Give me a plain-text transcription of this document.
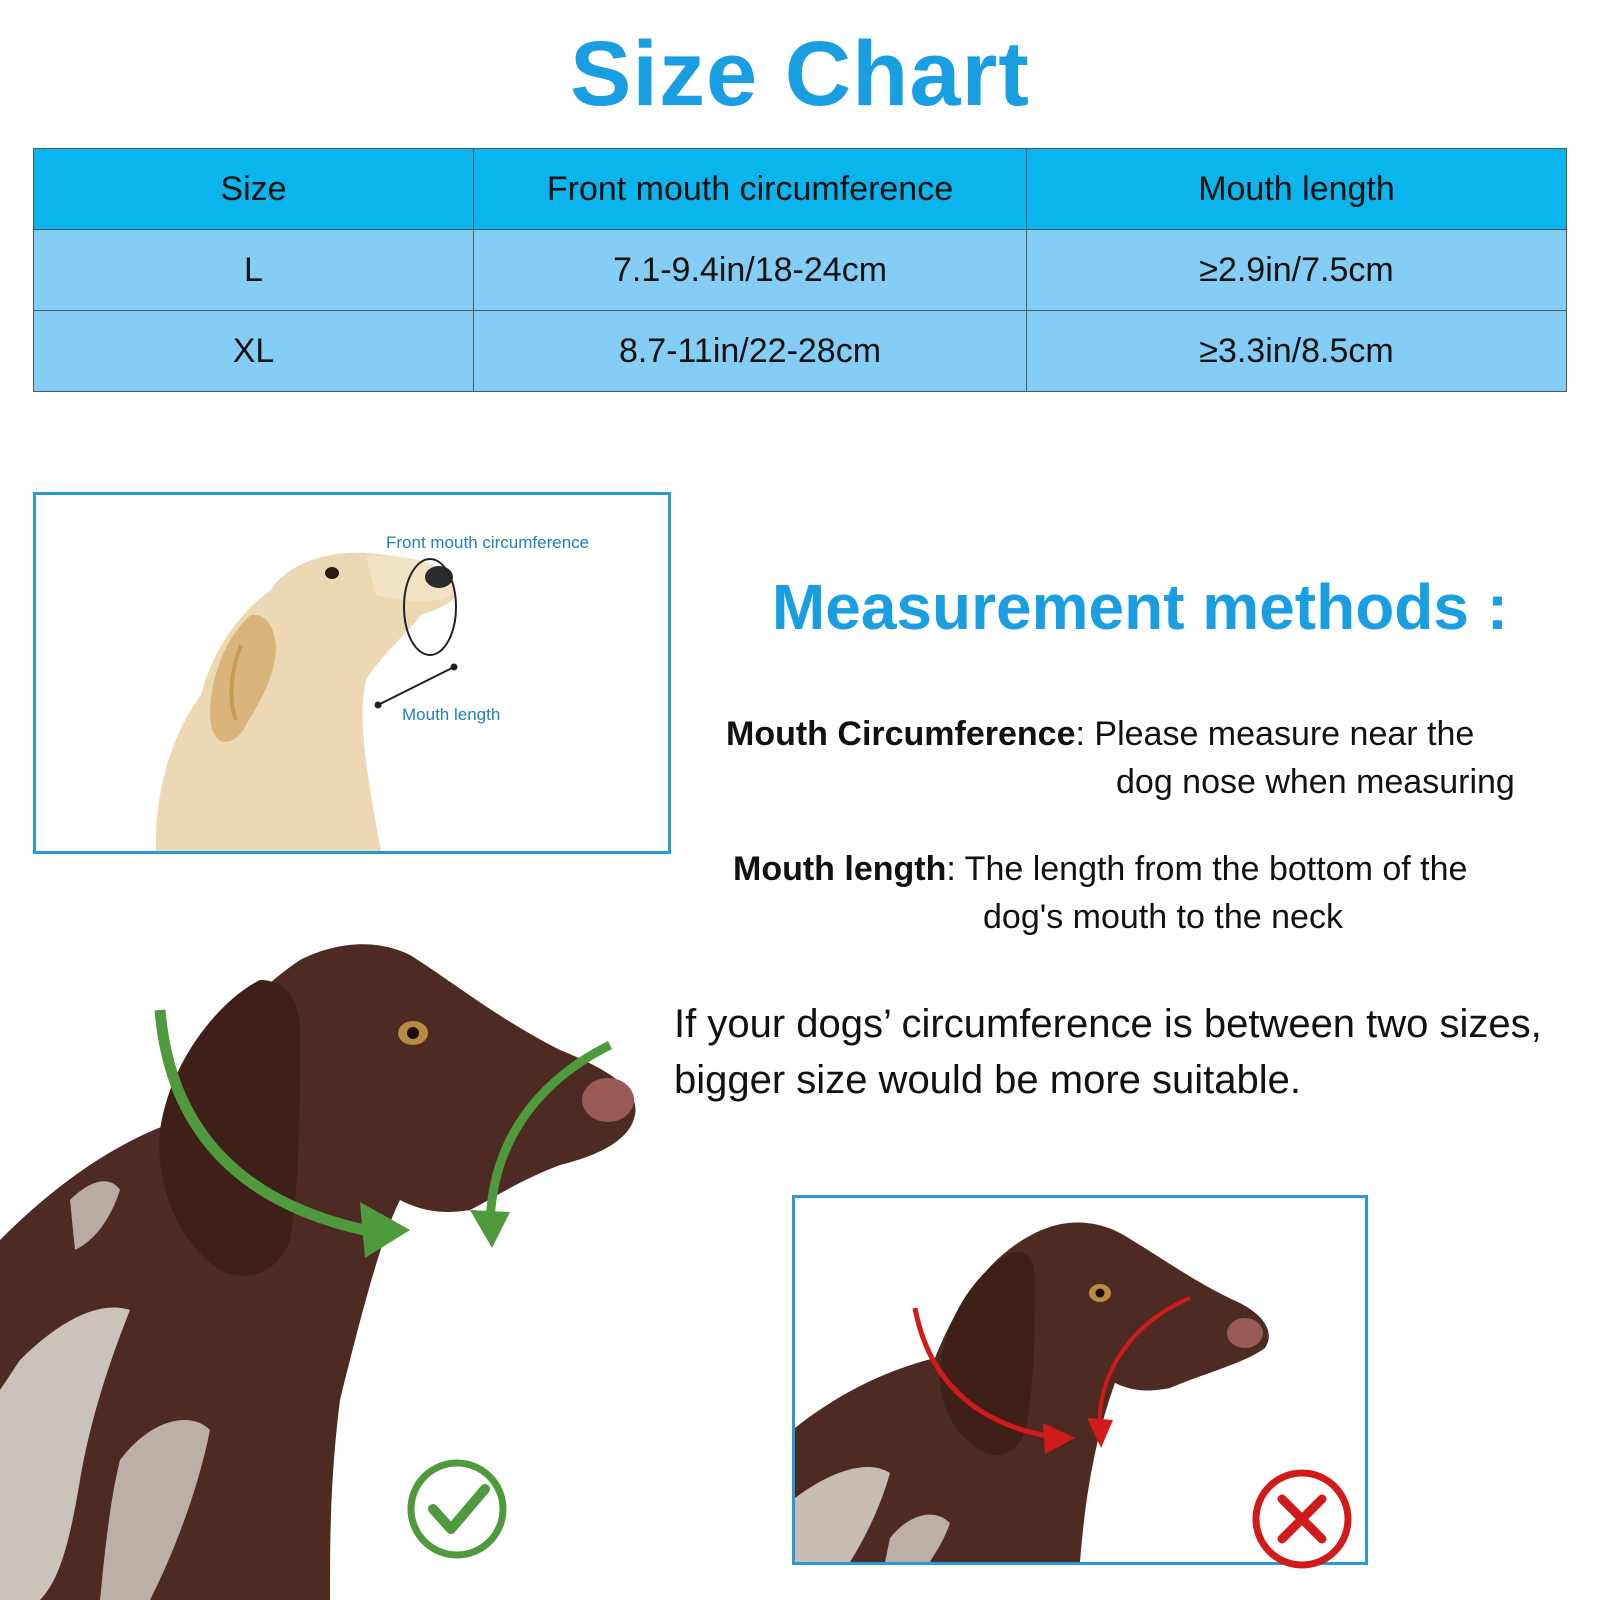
Size Chart
Size	Front mouth circumference	Mouth length
L	7.1-9.4in/18-24cm	≥2.9in/7.5cm
XL	8.7-11in/22-28cm	≥3.3in/8.5cm
Front mouth circumference
Mouth length
Measurement methods :
Mouth Circumference: Please measure near the
dog nose when measuring
Mouth length: The length from the bottom of the
dog's mouth to the neck
If your dogs’ circumference is between two sizes,
bigger size would be more suitable.
